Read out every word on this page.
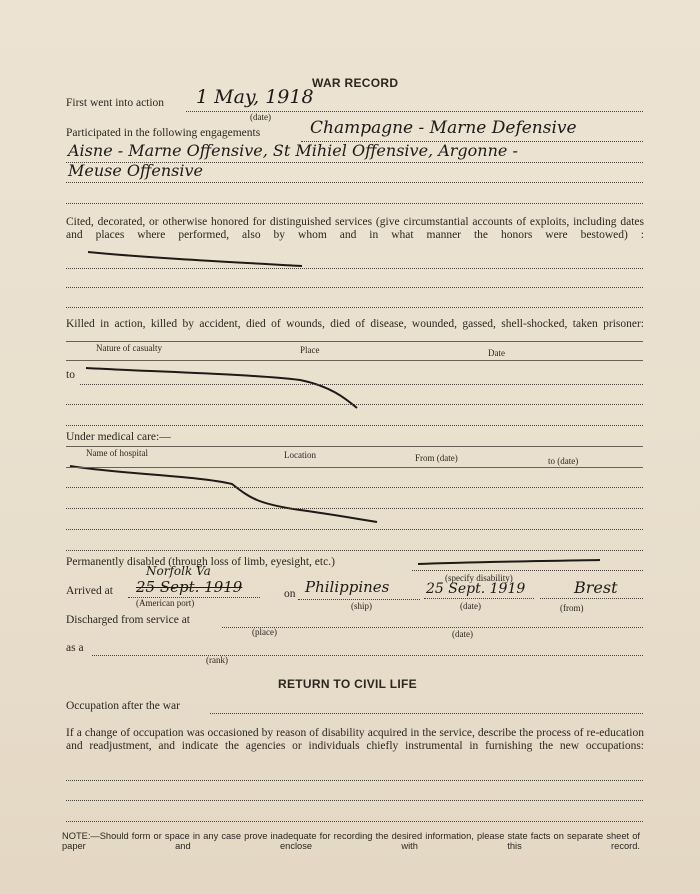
WAR RECORD
First went into action 1 May, 1918
(date)
Participated in the following engagements	Champagne - Marne Defensive
Aisne - Marne Offensive, St Mihiel Offensive, Argonne -
Meuse Offensive
Cited, decorated, or otherwise honored for distinguished services (give circumstantial accounts of exploits, including dates and places where performed, also by whom and in what manner the honors were bestowed) :
Killed in action, killed by accident, died of wounds, died of disease, wounded, gassed, shell-shocked, taken prisoner:
Nature of casualty	Place	Date
to
Under medical care:—
Name of hospital	Location	From (date)	to (date)
Permanently disabled (through loss of limb, eyesight, etc.)
(specify disability)
Arrived at
Norfolk Va
25 Sept. 1919
(American port)
on Philippines
(ship)
25 Sept. 1919
(date)
Brest
(from)
Discharged from service at
(place)	(date)
as a
(rank)
RETURN TO CIVIL LIFE
Occupation after the war
If a change of occupation was occasioned by reason of disability acquired in the service, describe the process of re-education and readjustment, and indicate the agencies or individuals chiefly instrumental in furnishing the new occupations:
NOTE:—Should form or space in any case prove inadequate for recording the desired information, please state facts on separate sheet of paper and enclose with this record.
